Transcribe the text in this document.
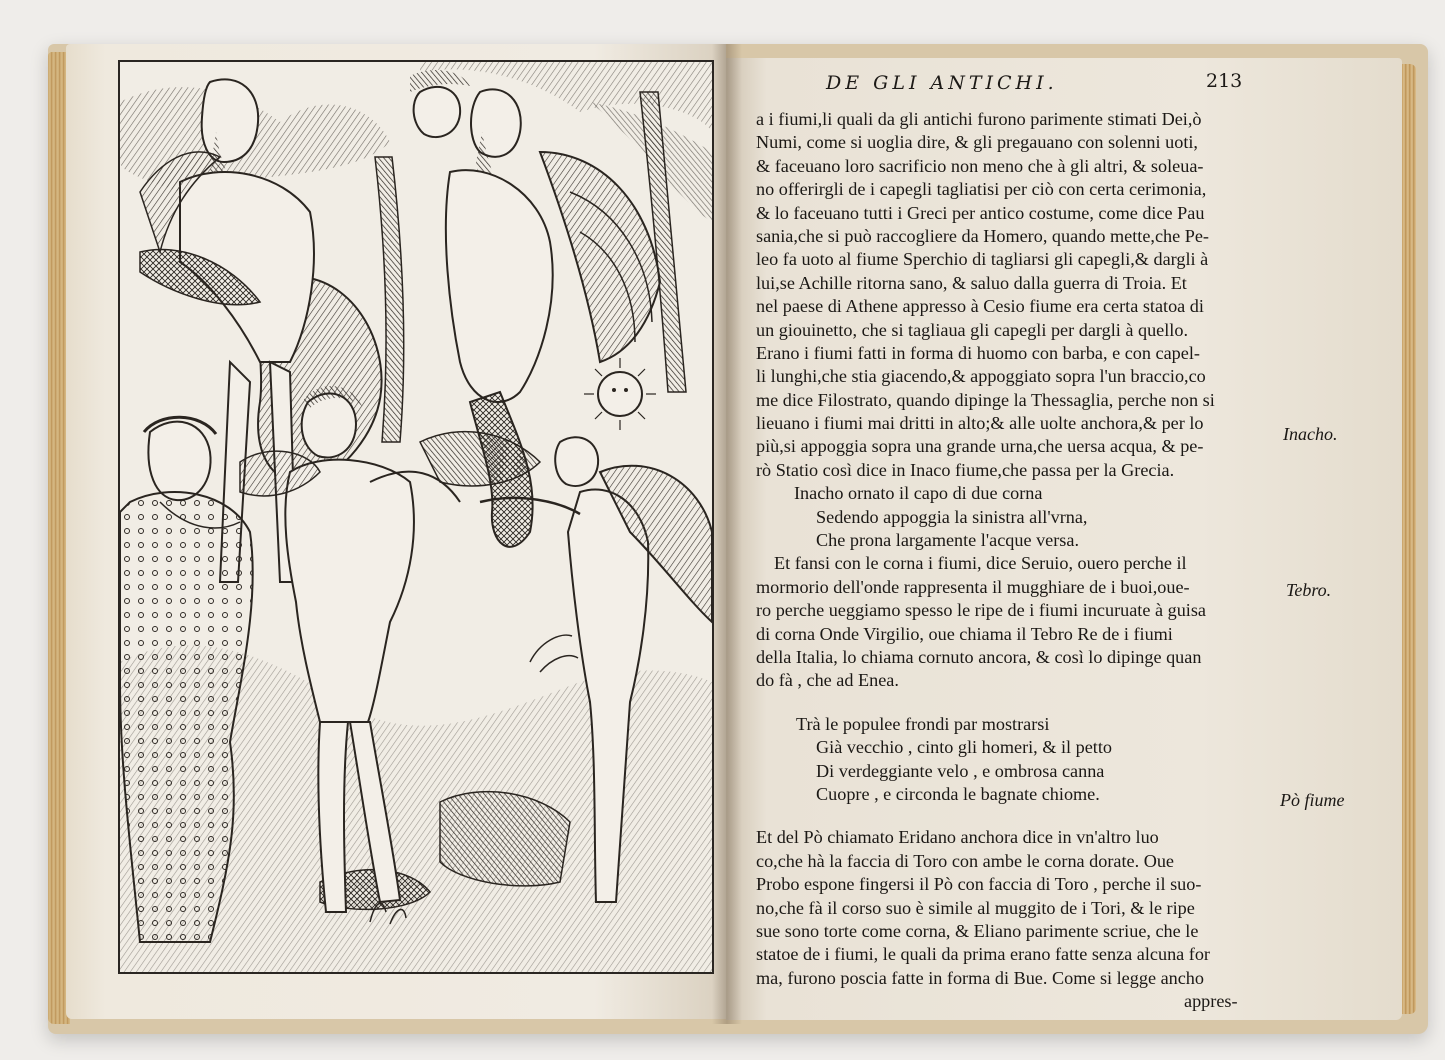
DE GLI ANTICHI.	213
a i fiumi,li quali da gli antichi furono parimente stimati Dei,ò
Numi, come si uoglia dire, & gli pregauano con solenni uoti,
& faceuano loro sacrificio non meno che à gli altri, & soleua-
no offerirgli de i capegli tagliatisi per ciò con certa cerimonia,
& lo faceuano tutti i Greci per antico costume, come dice Pau
sania,che si può raccogliere da Homero, quando mette,che Pe-
leo fa uoto al fiume Sperchio di tagliarsi gli capegli,& dargli à
lui,se Achille ritorna sano, & saluo dalla guerra di Troia. Et
nel paese di Athene appresso à Cesio fiume era certa statoa di
un giouinetto, che si tagliaua gli capegli per dargli à quello.
Erano i fiumi fatti in forma di huomo con barba, e con capel-
li lunghi,che stia giacendo,& appoggiato sopra l'un braccio,co
me dice Filostrato, quando dipinge la Thessaglia, perche non si
lieuano i fiumi mai dritti in alto;& alle uolte anchora,& per lo
più,si appoggia sopra una grande urna,che uersa acqua, & pe-
rò Statio così dice in Inaco fiume,che passa per la Grecia.
Inacho ornato il capo di due corna
Sedendo appoggia la sinistra all'vrna,
Che prona largamente l'acque versa.
Et fansi con le corna i fiumi, dice Seruio, ouero perche il
mormorio dell'onde rappresenta il mugghiare de i buoi,oue-
ro perche ueggiamo spesso le ripe de i fiumi incuruate à guisa
di corna Onde Virgilio, oue chiama il Tebro Re de i fiumi
della Italia, lo chiama cornuto ancora, & così lo dipinge quan
do fà , che ad Enea.
Trà le populee frondi par mostrarsi
Già vecchio , cinto gli homeri, & il petto
Di verdeggiante velo , e ombrosa canna
Cuopre , e circonda le bagnate chiome.
Et del Pò chiamato Eridano anchora dice in vn'altro luo
co,che hà la faccia di Toro con ambe le corna dorate. Oue
Probo espone fingersi il Pò con faccia di Toro , perche il suo-
no,che fà il corso suo è simile al muggito de i Tori, & le ripe
sue sono torte come corna, & Eliano parimente scriue, che le
statoe de i fiumi, le quali da prima erano fatte senza alcuna for
ma, furono poscia fatte in forma di Bue. Come si legge ancho
appres-
Inacho.
Tebro.
Pò fiume
